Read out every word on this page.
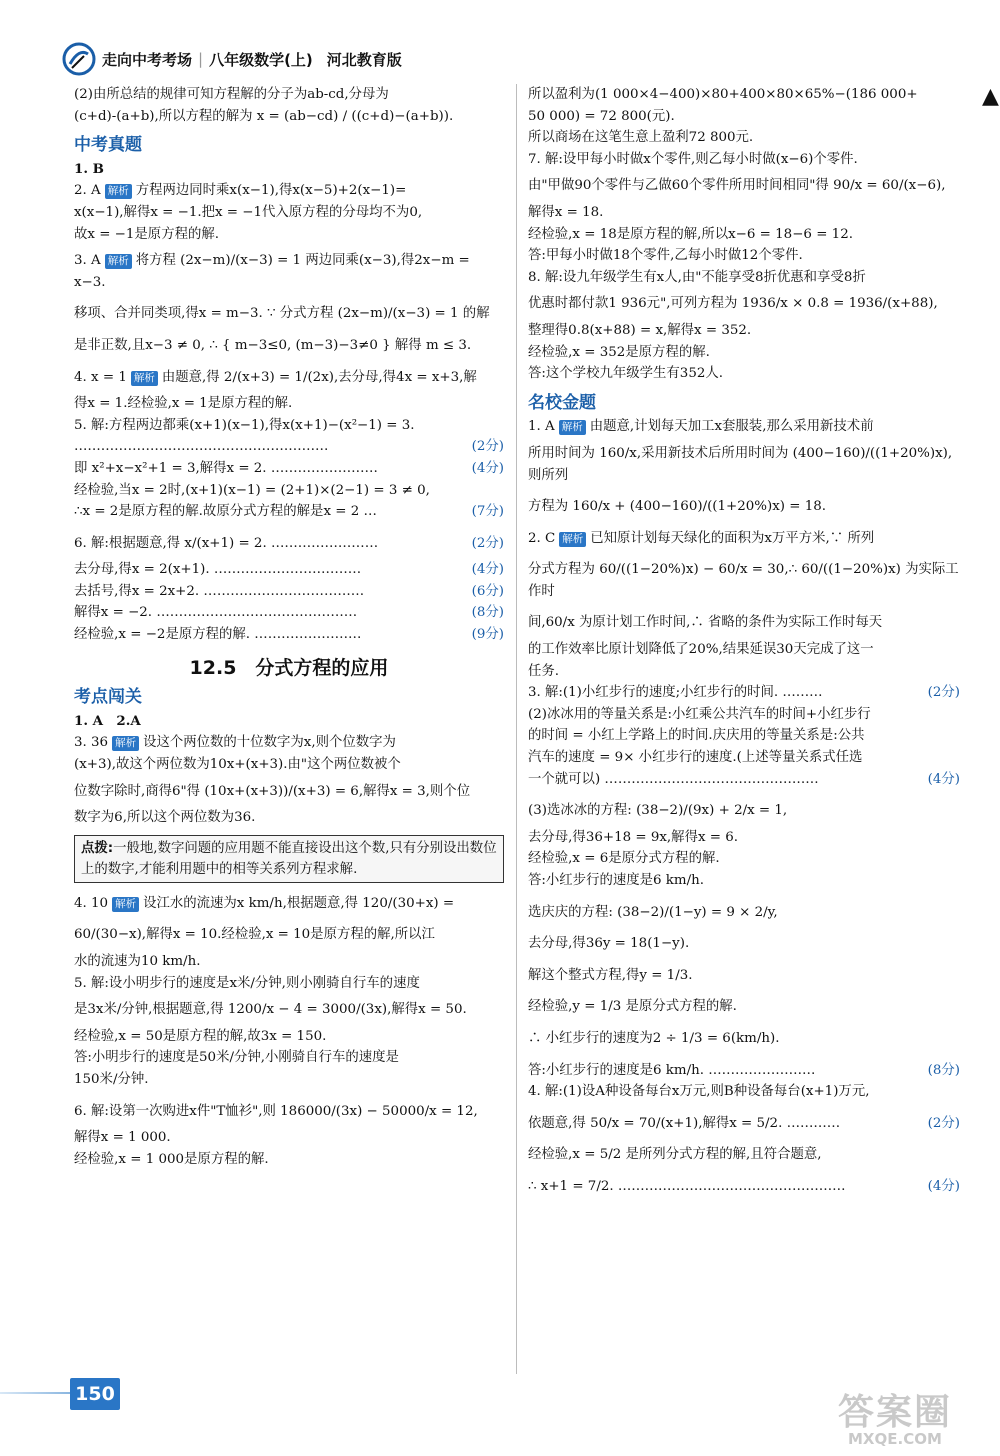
走向中考考场 | 八年级数学(上) 河北教育版
▲

(2)由所总结的规律可知方程解的分子为ab-cd,分母为

(c+d)-(a+b),所以方程的解为 x = (ab−cd) / ((c+d)−(a+b)).

中考真题

1. B

2. A 解析 方程两边同时乘x(x−1),得x(x−5)+2(x−1)=

x(x−1),解得x = −1.把x = −1代入原方程的分母均不为0,

故x = −1是原方程的解.

3. A 解析 将方程 (2x−m)/(x−3) = 1 两边同乘(x−3),得2x−m = x−3.

移项、合并同类项,得x = m−3. ∵ 分式方程 (2x−m)/(x−3) = 1 的解

是非正数,且x−3 ≠ 0, ∴ { m−3≤0, (m−3)−3≠0 } 解得 m ≤ 3.

4. x = 1 解析 由题意,得 2/(x+3) = 1/(2x),去分母,得4x = x+3,解

得x = 1.经检验,x = 1是原方程的解.

5. 解:方程两边都乘(x+1)(x−1),得x(x+1)−(x²−1) = 3.

…………………………………………………	(2分)

即 x²+x−x²+1 = 3,解得x = 2. ……………………	(4分)

经检验,当x = 2时,(x+1)(x−1) = (2+1)×(2−1) = 3 ≠ 0,

∴x = 2是原方程的解.故原分式方程的解是x = 2 …	(7分)

6. 解:根据题意,得 x/(x+1) = 2. ……………………	(2分)

去分母,得x = 2(x+1). ……………………………	(4分)

去括号,得x = 2x+2. ………………………………	(6分)

解得x = −2. ………………………………………	(8分)

经检验,x = −2是原方程的解. ……………………	(9分)

12.5　分式方程的应用
考点闯关

1. A　2.A

3. 36 解析 设这个两位数的十位数字为x,则个位数字为

(x+3),故这个两位数为10x+(x+3).由"这个两位数被个

位数字除时,商得6"得 (10x+(x+3))/(x+3) = 6,解得x = 3,则个位

数字为6,所以这个两位数为36.

点拨:一般地,数字问题的应用题不能直接设出这个数,只有分别设出数位上的数字,才能利用题中的相等关系列方程求解.

4. 10 解析 设江水的流速为x km/h,根据题意,得 120/(30+x) =

60/(30−x),解得x = 10.经检验,x = 10是原方程的解,所以江

水的流速为10 km/h.

5. 解:设小明步行的速度是x米/分钟,则小刚骑自行车的速度

是3x米/分钟,根据题意,得 1200/x − 4 = 3000/(3x),解得x = 50.

经检验,x = 50是原方程的解,故3x = 150.

答:小明步行的速度是50米/分钟,小刚骑自行车的速度是

150米/分钟.

6. 解:设第一次购进x件"T恤衫",则 186000/(3x) − 50000/x = 12,

解得x = 1 000.

经检验,x = 1 000是原方程的解.

所以盈利为(1 000×4−400)×80+400×80×65%−(186 000+

50 000) = 72 800(元).

所以商场在这笔生意上盈利72 800元.

7. 解:设甲每小时做x个零件,则乙每小时做(x−6)个零件.

由"甲做90个零件与乙做60个零件所用时间相同"得 90/x = 60/(x−6),

解得x = 18.

经检验,x = 18是原方程的解,所以x−6 = 18−6 = 12.

答:甲每小时做18个零件,乙每小时做12个零件.

8. 解:设九年级学生有x人,由"不能享受8折优惠和享受8折

优惠时都付款1 936元",可列方程为 1936/x × 0.8 = 1936/(x+88),

整理得0.8(x+88) = x,解得x = 352.

经检验,x = 352是原方程的解.

答:这个学校九年级学生有352人.

名校金题

1. A 解析 由题意,计划每天加工x套服装,那么采用新技术前

所用时间为 160/x,采用新技术后所用时间为 (400−160)/((1+20%)x),则所列

方程为 160/x + (400−160)/((1+20%)x) = 18.

2. C 解析 已知原计划每天绿化的面积为x万平方米,∵ 所列

分式方程为 60/((1−20%)x) − 60/x = 30,∴ 60/((1−20%)x) 为实际工作时

间,60/x 为原计划工作时间,∴ 省略的条件为实际工作时每天

的工作效率比原计划降低了20%,结果延误30天完成了这一

任务.

3. 解:(1)小红步行的速度;小红步行的时间. ………	(2分)

(2)冰冰用的等量关系是:小红乘公共汽车的时间+小红步行

的时间 = 小红上学路上的时间.庆庆用的等量关系是:公共

汽车的速度 = 9× 小红步行的速度.(上述等量关系式任选

一个就可以) …………………………………………	(4分)

(3)选冰冰的方程: (38−2)/(9x) + 2/x = 1,

去分母,得36+18 = 9x,解得x = 6.

经检验,x = 6是原分式方程的解.

答:小红步行的速度是6 km/h.

选庆庆的方程: (38−2)/(1−y) = 9 × 2/y,

去分母,得36y = 18(1−y).

解这个整式方程,得y = 1/3.

经检验,y = 1/3 是原分式方程的解.

∴ 小红步行的速度为2 ÷ 1/3 = 6(km/h).

答:小红步行的速度是6 km/h. ……………………	(8分)

4. 解:(1)设A种设备每台x万元,则B种设备每台(x+1)万元,

依题意,得 50/x = 70/(x+1),解得x = 5/2. …………	(2分)

经检验,x = 5/2 是所列分式方程的解,且符合题意,

∴ x+1 = 7/2. ……………………………………………	(4分)

150	答案圈
MXQE.COM
